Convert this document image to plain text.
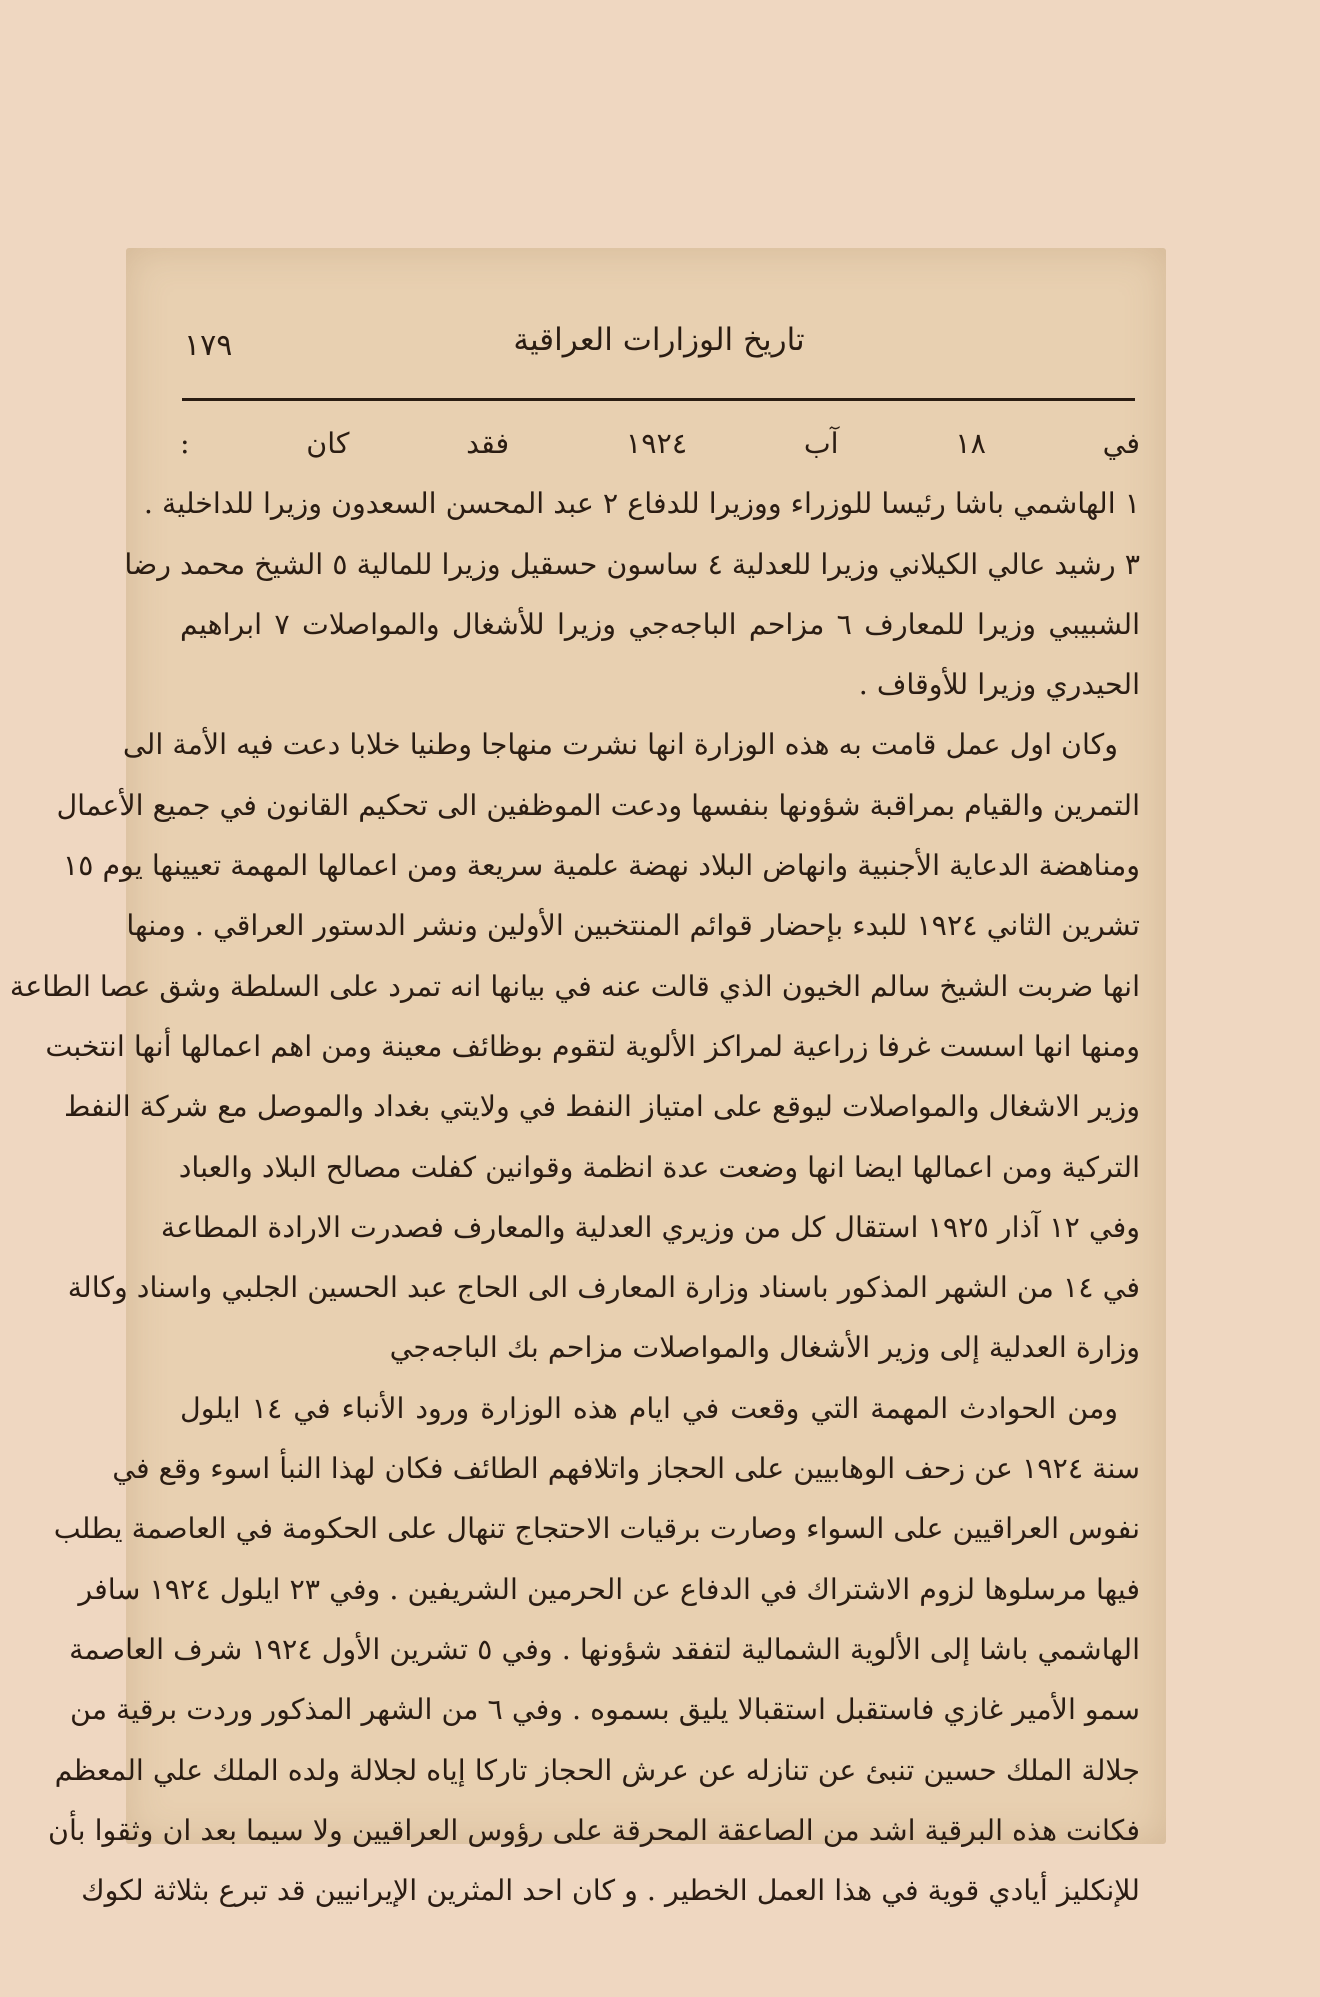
١٧٩	تاريخ الوزارات العراقية
في ١٨ آب ١٩٢٤ فقد كان :
١ الهاشمي باشا رئيسا للوزراء ووزيرا للدفاع ٢ عبد المحسن السعدون وزيرا للداخلية .
٣ رشيد عالي الكيلاني وزيرا للعدلية ٤ ساسون حسقيل وزيرا للمالية ٥ الشيخ محمد رضا
الشبيبي وزيرا للمعارف ٦ مزاحم الباجه‌جي وزيرا للأشغال والمواصلات ٧ ابراهيم
الحيدري وزيرا للأوقاف .
وكان اول عمل قامت به هذه الوزارة انها نشرت منهاجا وطنيا خلابا دعت فيه الأمة الى
التمرين والقيام بمراقبة شؤونها بنفسها ودعت الموظفين الى تحكيم القانون في جميع الأعمال
ومناهضة الدعاية الأجنبية وانهاض البلاد نهضة علمية سريعة ومن اعمالها المهمة تعيينها يوم ١٥
تشرين الثاني ١٩٢٤ للبدء بإحضار قوائم المنتخبين الأولين ونشر الدستور العراقي . ومنها
انها ضربت الشيخ سالم الخيون الذي قالت عنه في بيانها انه تمرد على السلطة وشق عصا الطاعة
ومنها انها اسست غرفا زراعية لمراكز الألوية لتقوم بوظائف معينة ومن اهم اعمالها أنها انتخبت
وزير الاشغال والمواصلات ليوقع على امتياز النفط في ولايتي بغداد والموصل مع شركة النفط
التركية ومن اعمالها ايضا انها وضعت عدة انظمة وقوانين كفلت مصالح البلاد والعباد
وفي ١٢ آذار ١٩٢٥ استقال كل من وزيري العدلية والمعارف فصدرت الارادة المطاعة
في ١٤ من الشهر المذكور باسناد وزارة المعارف الى الحاج عبد الحسين الجلبي واسناد وكالة
وزارة العدلية إلى وزير الأشغال والمواصلات مزاحم بك الباجه‌جي
ومن الحوادث المهمة التي وقعت في ايام هذه الوزارة ورود الأنباء في ١٤ ايلول
سنة ١٩٢٤ عن زحف الوهابيين على الحجاز واتلافهم الطائف فكان لهذا النبأ اسوء وقع في
نفوس العراقيين على السواء وصارت برقيات الاحتجاج تنهال على الحكومة في العاصمة يطلب
فيها مرسلوها لزوم الاشتراك في الدفاع عن الحرمين الشريفين . وفي ٢٣ ايلول ١٩٢٤ سافر
الهاشمي باشا إلى الألوية الشمالية لتفقد شؤونها . وفي ٥ تشرين الأول ١٩٢٤ شرف العاصمة
سمو الأمير غازي فاستقبل استقبالا يليق بسموه . وفي ٦ من الشهر المذكور وردت برقية من
جلالة الملك حسين تنبئ عن تنازله عن عرش الحجاز تاركا إياه لجلالة ولده الملك علي المعظم
فكانت هذه البرقية اشد من الصاعقة المحرقة على رؤوس العراقيين ولا سيما بعد ان وثقوا بأن
للإنكليز أيادي قوية في هذا العمل الخطير . و كان احد المثرين الإيرانيين قد تبرع بثلاثة لكوك
